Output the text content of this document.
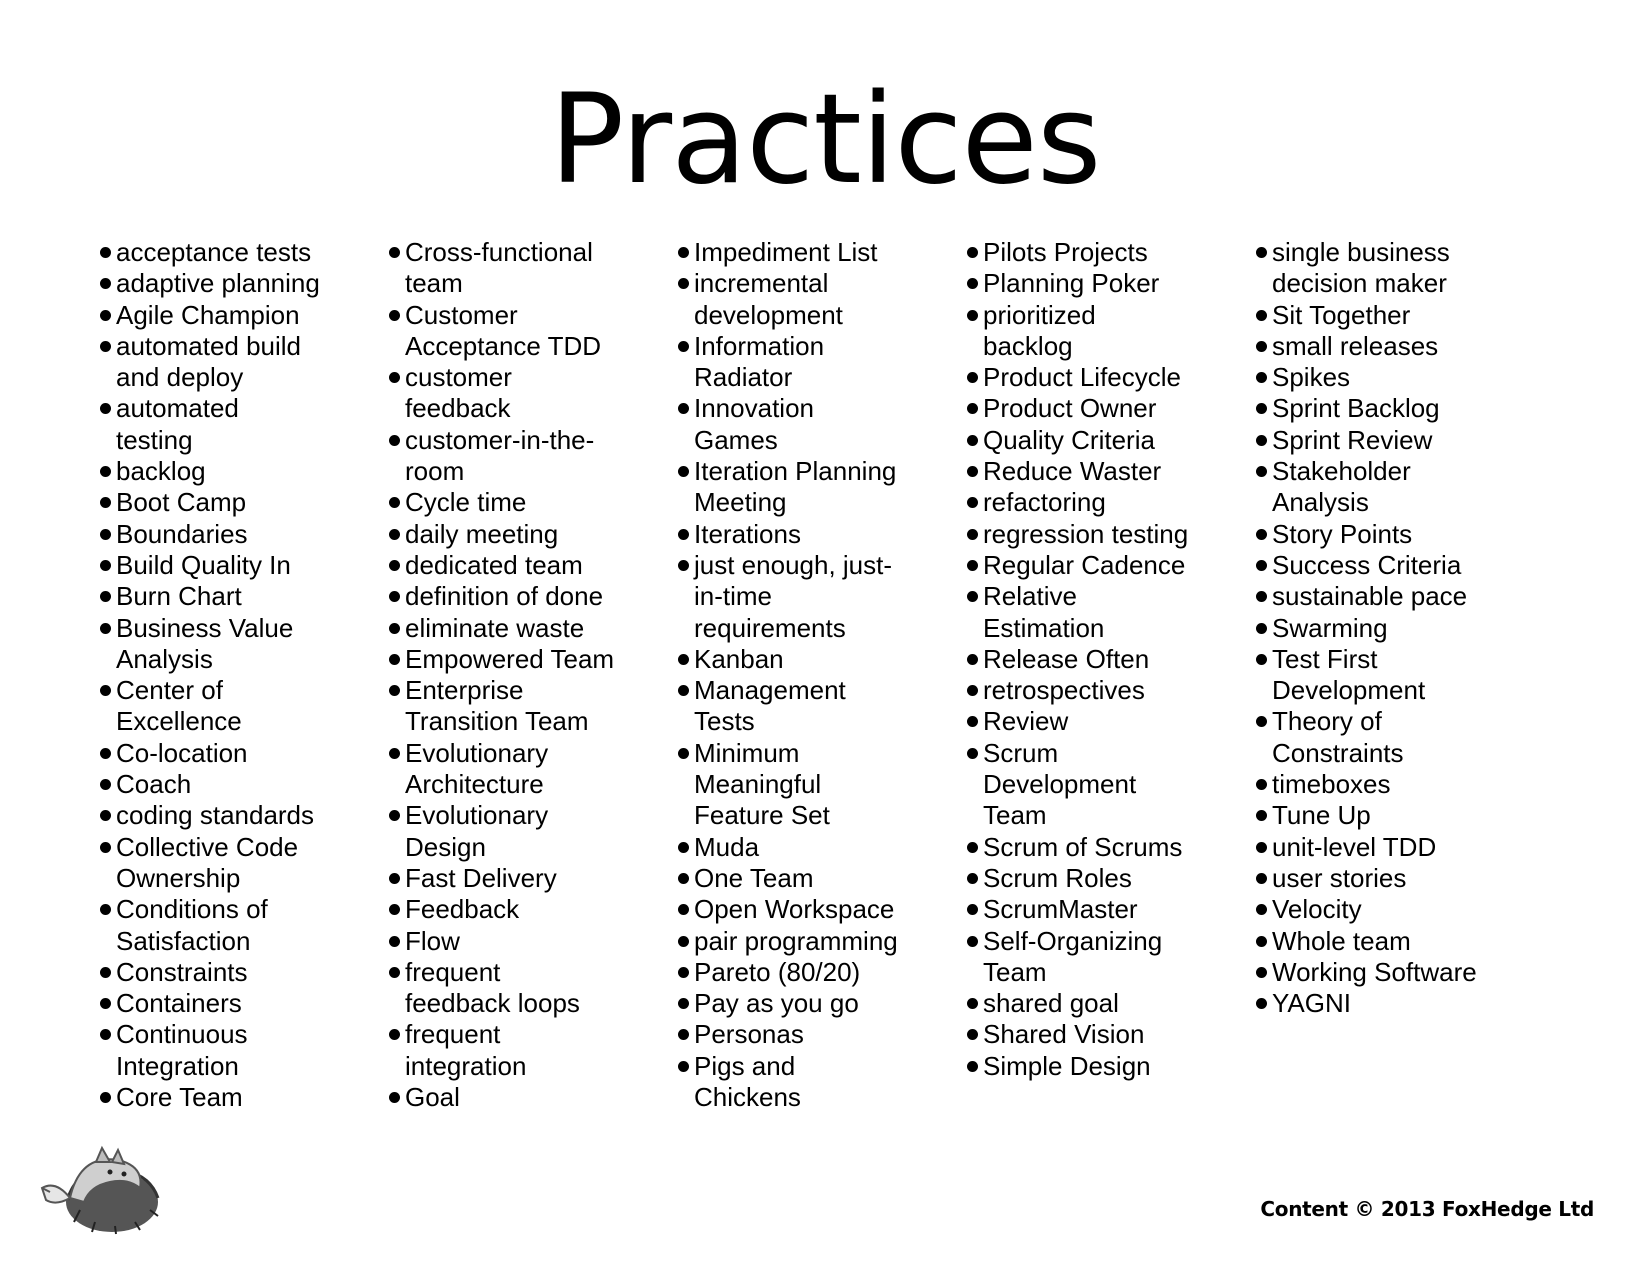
Practices
acceptance tests
adaptive planning
Agile Champion
automated build
and deploy
automated
testing
backlog
Boot Camp
Boundaries
Build Quality In
Burn Chart
Business Value
Analysis
Center of
Excellence
Co-location
Coach
coding standards
Collective Code
Ownership
Conditions of
Satisfaction
Constraints
Containers
Continuous
Integration
Core Team
Cross-functional
team
Customer
Acceptance TDD
customer
feedback
customer-in-the-
room
Cycle time
daily meeting
dedicated team
definition of done
eliminate waste
Empowered Team
Enterprise
Transition Team
Evolutionary
Architecture
Evolutionary
Design
Fast Delivery
Feedback
Flow
frequent
feedback loops
frequent
integration
Goal
Impediment List
incremental
development
Information
Radiator
Innovation
Games
Iteration Planning
Meeting
Iterations
just enough, just-
in-time
requirements
Kanban
Management
Tests
Minimum
Meaningful
Feature Set
Muda
One Team
Open Workspace
pair programming
Pareto (80/20)
Pay as you go
Personas
Pigs and
Chickens
Pilots Projects
Planning Poker
prioritized
backlog
Product Lifecycle
Product Owner
Quality Criteria
Reduce Waster
refactoring
regression testing
Regular Cadence
Relative
Estimation
Release Often
retrospectives
Review
Scrum
Development
Team
Scrum of Scrums
Scrum Roles
ScrumMaster
Self-Organizing
Team
shared goal
Shared Vision
Simple Design
single business
decision maker
Sit Together
small releases
Spikes
Sprint Backlog
Sprint Review
Stakeholder
Analysis
Story Points
Success Criteria
sustainable pace
Swarming
Test First
Development
Theory of
Constraints
timeboxes
Tune Up
unit-level TDD
user stories
Velocity
Whole team
Working Software
YAGNI
Content © 2013 FoxHedge Ltd
